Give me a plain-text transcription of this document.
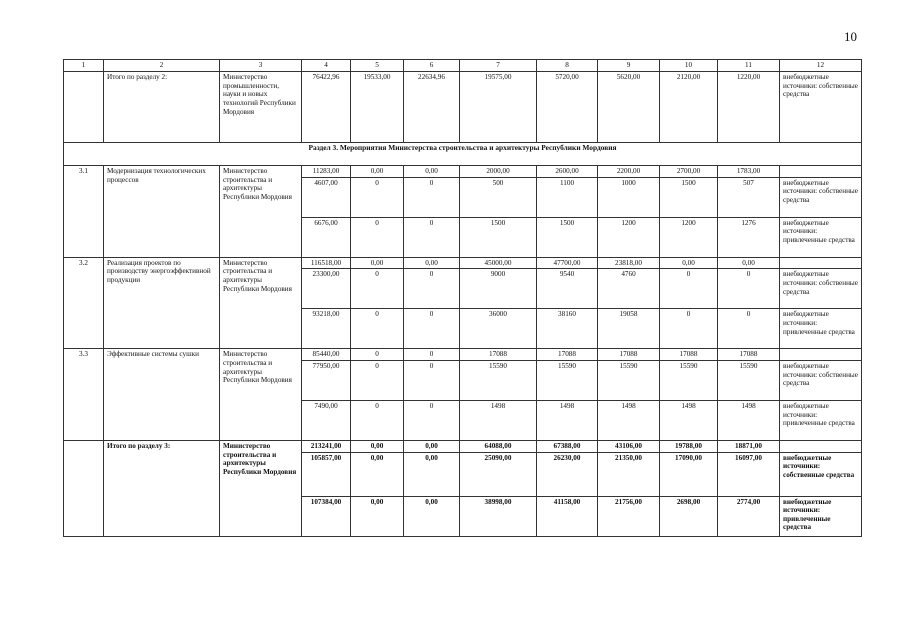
10
1	2	3	4	5	6	7	8	9	10	11	12
	Итого по разделу 2:	Министерство промышленности, науки и новых технологий Республики Мордовия	76422,96	19533,00	22634,96	19575,00	5720,00	5620,00	2120,00	1220,00	внебюджетные источники: собственные средства
Раздел 3. Мероприятия Министерства строительства и архитектуры Республики Мордовия											
3.1	Модернизация технологических процессов	Министерство строительства и архитектуры Республики Мордовия	11283,00	0,00	0,00	2000,00	2600,00	2200,00	2700,00	1783,00	
			4607,00	0	0	500	1100	1000	1500	507	внебюджетные источники: собственные средства
			6676,00	0	0	1500	1500	1200	1200	1276	внебюджетные источники: привлеченные средства
3.2	Реализация проектов по производству энергоэффективной продукции	Министерство строительства и архитектуры Республики Мордовия	116518,00	0,00	0,00	45000,00	47700,00	23818,00	0,00	0,00	
			23300,00	0	0	9000	9540	4760	0	0	внебюджетные источники: собственные средства
			93218,00	0	0	36000	38160	19058	0	0	внебюджетные источники: привлеченные средства
3.3	Эффективные системы сушки	Министерство строительства и архитектуры Республики Мордовия	85440,00	0	0	17088	17088	17088	17088	17088	
			77950,00	0	0	15590	15590	15590	15590	15590	внебюджетные источники: собственные средства
			7490,00	0	0	1498	1498	1498	1498	1498	внебюджетные источники: привлеченные средства
	Итого по разделу 3:	Министерство строительства и архитектуры Республики Мордовия	213241,00	0,00	0,00	64088,00	67388,00	43106,00	19788,00	18871,00	
			105857,00	0,00	0,00	25090,00	26230,00	21350,00	17090,00	16097,00	внебюджетные источники: собственные средства
			107384,00	0,00	0,00	38998,00	41158,00	21756,00	2698,00	2774,00	внебюджетные источники: привлеченные средства
